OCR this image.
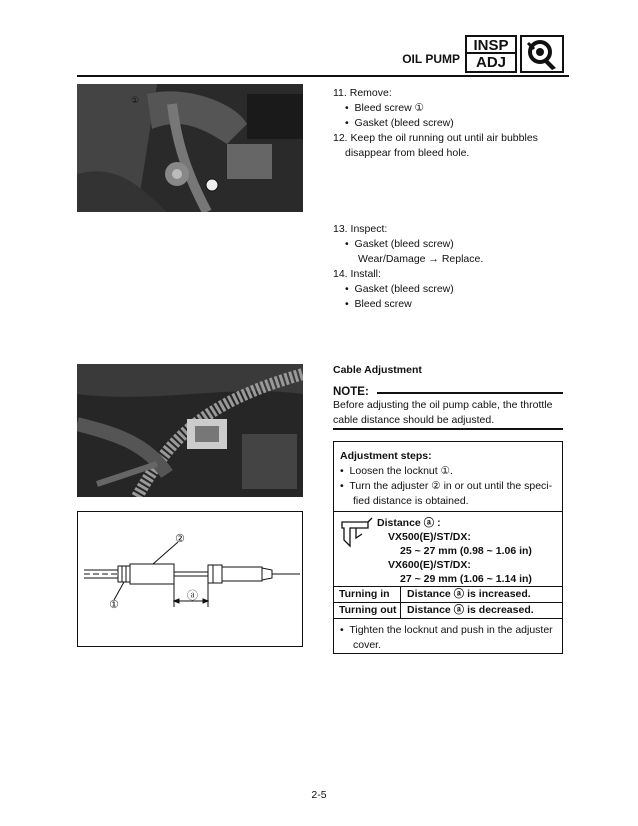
OIL PUMP
INSP
ADJ
①
11. Remove:
• Bleed screw ①
• Gasket (bleed screw)
12. Keep the oil running out until air bubbles
disappear from bleed hole.
13. Inspect:
• Gasket (bleed screw)
Wear/Damage → Replace.
14. Install:
• Gasket (bleed screw)
• Bleed screw
②
①
ⓐ
Cable Adjustment
NOTE:
Before adjusting the oil pump cable, the throttle
cable distance should be adjusted.
Adjustment steps:
• Loosen the locknut ①.
• Turn the adjuster ② in or out until the speci-
fied distance is obtained.
Distance ⓐ :
VX500(E)/ST/DX:
25 ~ 27 mm (0.98 ~ 1.06 in)
VX600(E)/ST/DX:
27 ~ 29 mm (1.06 ~ 1.14 in)
Turning in Distance ⓐ is increased.
Turning out Distance ⓐ is decreased.
• Tighten the locknut and push in the adjuster
cover.
2-5
